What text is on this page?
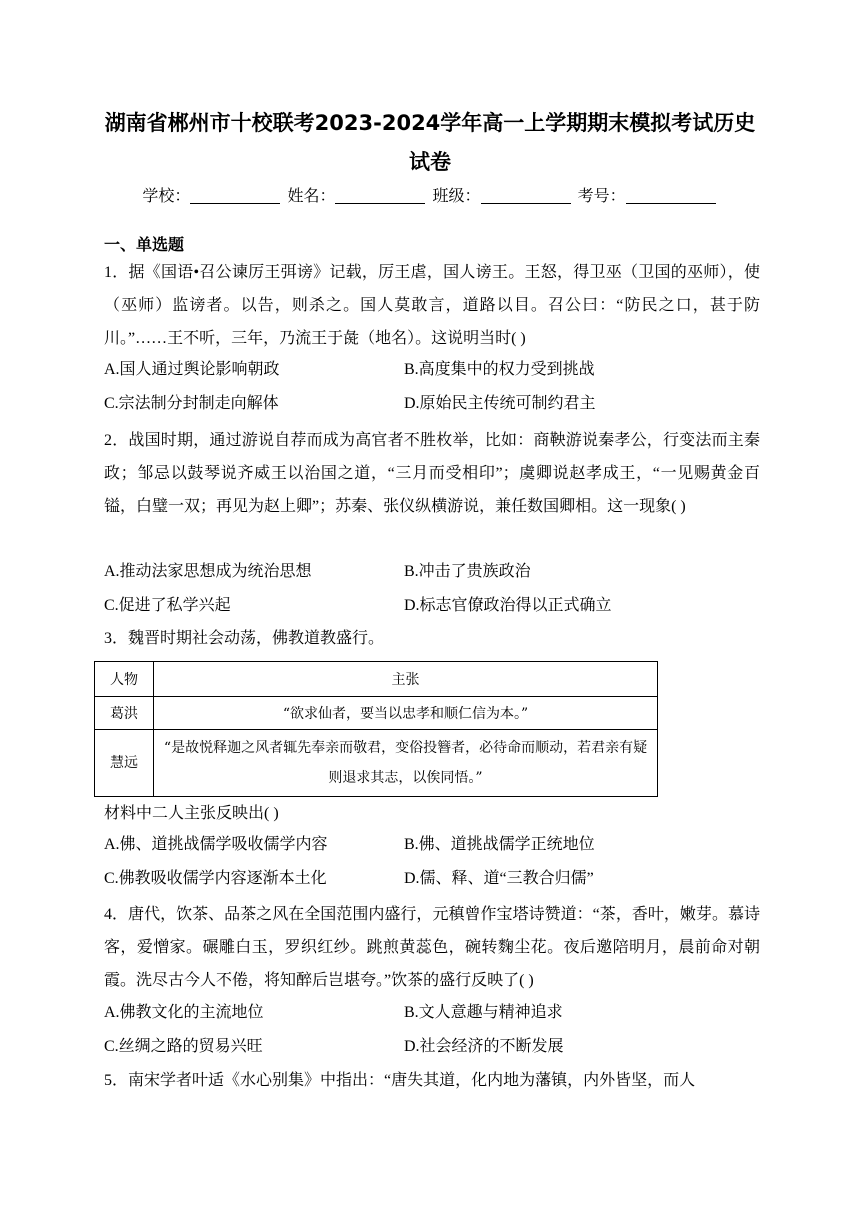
湖南省郴州市十校联考2023-2024学年高一上学期期末模拟考试历史
试卷
学校：	姓名：	班级：	考号：
一、单选题
1．据《国语•召公谏厉王弭谤》记载，厉王虐，国人谤王。王怒，得卫巫（卫国的巫师），使（巫师）监谤者。以告，则杀之。国人莫敢言，道路以目。召公曰：“防民之口，甚于防川。”……王不听，三年，乃流王于彘（地名）。这说明当时( )
A.国人通过舆论影响朝政	B.高度集中的权力受到挑战
C.宗法制分封制走向解体	D.原始民主传统可制约君主
2．战国时期，通过游说自荐而成为高官者不胜枚举，比如：商鞅游说秦孝公，行变法而主秦政；邹忌以鼓琴说齐威王以治国之道，“三月而受相印”；虞卿说赵孝成王，“一见赐黄金百镒，白璧一双；再见为赵上卿”；苏秦、张仪纵横游说，兼任数国卿相。这一现象( )
A.推动法家思想成为统治思想	B.冲击了贵族政治
C.促进了私学兴起	D.标志官僚政治得以正式确立
3．魏晋时期社会动荡，佛教道教盛行。
人物	主张
葛洪	“欲求仙者，要当以忠孝和顺仁信为本。”
慧远	“是故悦释迦之风者辄先奉亲而敬君，变俗投簪者，必待命而顺动，若君亲有疑则退求其志，以俟同悟。”
材料中二人主张反映出( )
A.佛、道挑战儒学吸收儒学内容	B.佛、道挑战儒学正统地位
C.佛教吸收儒学内容逐渐本土化	D.儒、释、道“三教合归儒”
4．唐代，饮茶、品茶之风在全国范围内盛行，元稹曾作宝塔诗赞道：“茶，香叶，嫩芽。慕诗客，爱憎家。碾雕白玉，罗织红纱。跳煎黄蕊色，碗转麴尘花。夜后邀陪明月，晨前命对朝霞。洗尽古今人不倦，将知醉后岂堪夸。”饮茶的盛行反映了( )
A.佛教文化的主流地位	B.文人意趣与精神追求
C.丝绸之路的贸易兴旺	D.社会经济的不断发展
5．南宋学者叶适《水心别集》中指出：“唐失其道，化内地为藩镇，内外皆坚，而人
